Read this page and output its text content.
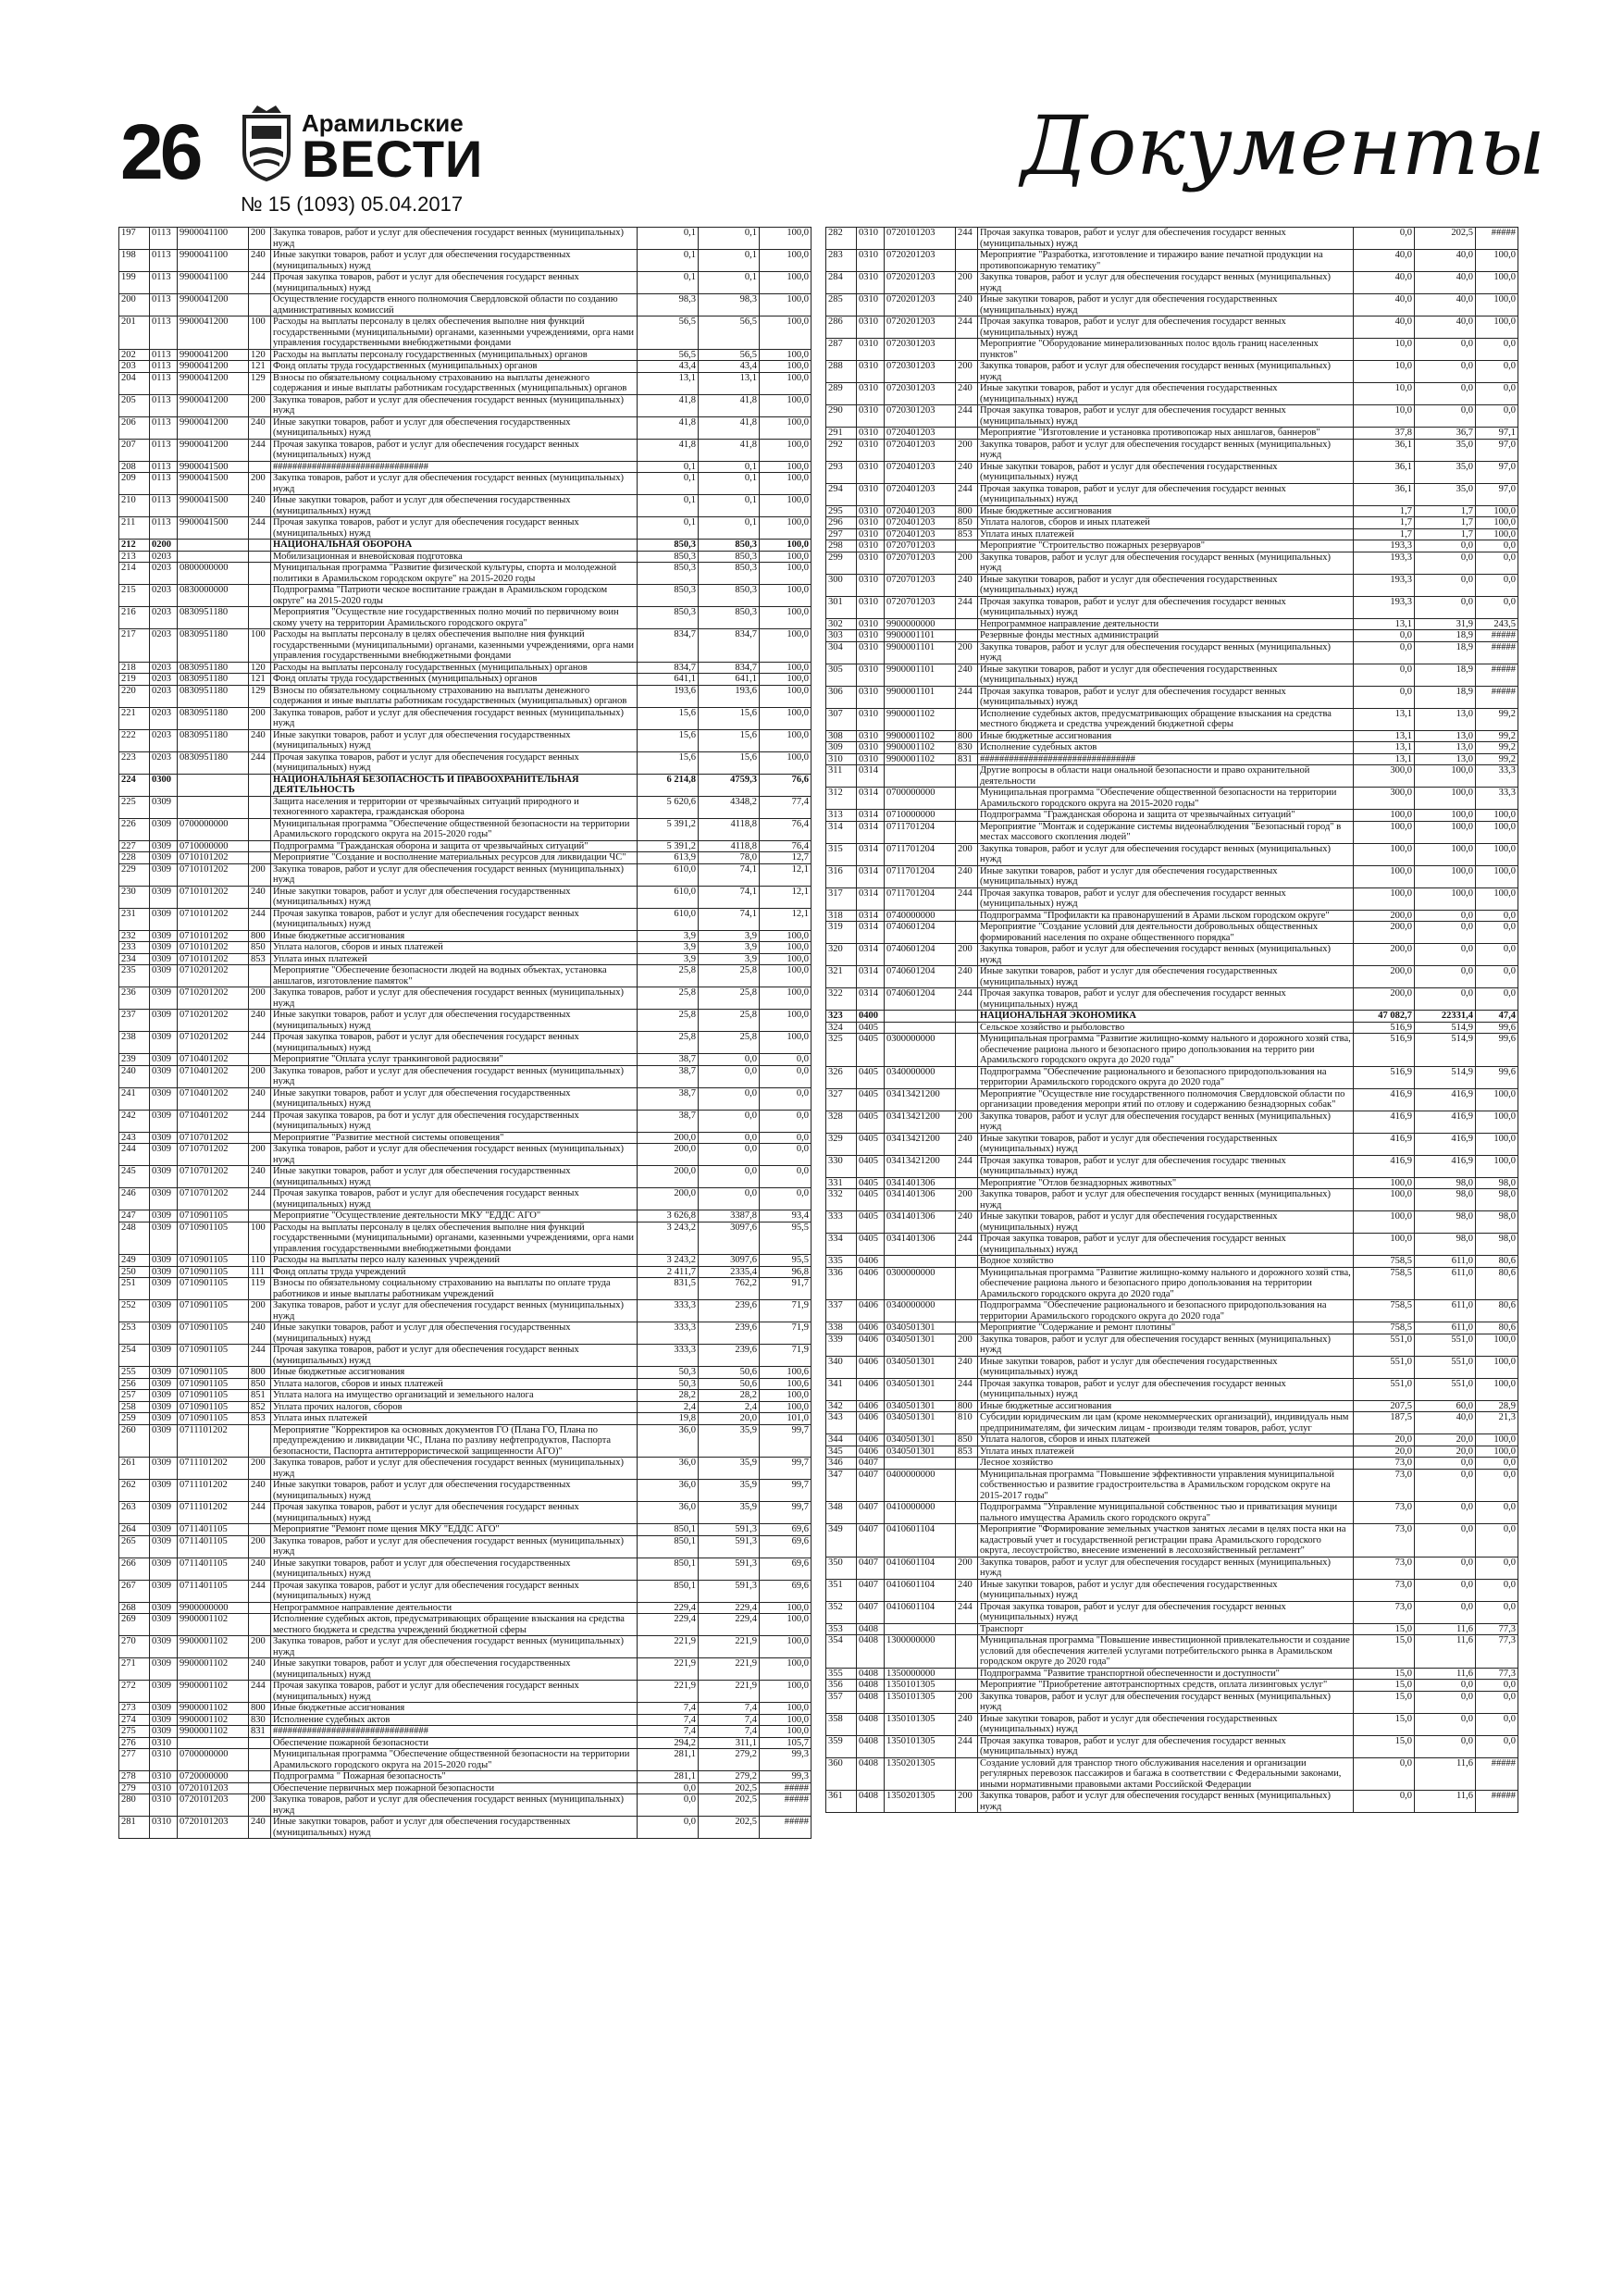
26	Арамильские
ВЕСТИ
№ 15 (1093) 05.04.2017
Документы
197	0113	9900041100	200	Закупка товаров, работ и услуг для обеспечения государст венных (муниципальных) нужд	0,1	0,1	100,0
198	0113	9900041100	240	Иные закупки товаров, работ и услуг для обеспечения государственных (муниципальных) нужд	0,1	0,1	100,0
199	0113	9900041100	244	Прочая закупка товаров, работ и услуг для обеспечения государст венных (муниципальных) нужд	0,1	0,1	100,0
200	0113	9900041200		Осуществление государств енного полномочия Свердловской области по созданию административных комиссий	98,3	98,3	100,0
201	0113	9900041200	100	Расходы на выплаты персоналу в целях обеспечения выполне ния функций государственными (муниципальными) органами, казенными учреждениями, орга нами управления государственными внебюджетными фондами	56,5	56,5	100,0
202	0113	9900041200	120	Расходы на выплаты персоналу государственных (муниципальных) органов	56,5	56,5	100,0
203	0113	9900041200	121	Фонд оплаты труда государственных (муниципальных) органов	43,4	43,4	100,0
204	0113	9900041200	129	Взносы по обязательному социальному страхованию на выплаты денежного содержания и иные выплаты работникам государственных (муниципальных) органов	13,1	13,1	100,0
205	0113	9900041200	200	Закупка товаров, работ и услуг для обеспечения государст венных (муниципальных) нужд	41,8	41,8	100,0
206	0113	9900041200	240	Иные закупки товаров, работ и услуг для обеспечения государственных (муниципальных) нужд	41,8	41,8	100,0
207	0113	9900041200	244	Прочая закупка товаров, работ и услуг для обеспечения государст венных (муниципальных) нужд	41,8	41,8	100,0
208	0113	9900041500		################################	0,1	0,1	100,0
209	0113	9900041500	200	Закупка товаров, работ и услуг для обеспечения государст венных (муниципальных) нужд	0,1	0,1	100,0
210	0113	9900041500	240	Иные закупки товаров, работ и услуг для обеспечения государственных (муниципальных) нужд	0,1	0,1	100,0
211	0113	9900041500	244	Прочая закупка товаров, работ и услуг для обеспечения государст венных (муниципальных) нужд	0,1	0,1	100,0
212	0200			НАЦИОНАЛЬНАЯ ОБОРОНА	850,3	850,3	100,0
213	0203			Мобилизационная и вневойсковая подготовка	850,3	850,3	100,0
214	0203	0800000000		Муниципальная программа "Развитие физической культуры, спорта и молодежной политики в Арамильском городском округе" на 2015-2020 годы	850,3	850,3	100,0
215	0203	0830000000		Подпрограмма "Патриоти ческое воспитание граждан в Арамильском городском округе" на 2015-2020 годы	850,3	850,3	100,0
216	0203	0830951180		Мероприятия "Осуществле ние государственных полно мочий по первичному воин скому учету на территории Арамильского городского округа"	850,3	850,3	100,0
217	0203	0830951180	100	Расходы на выплаты персоналу в целях обеспечения выполне ния функций государственными (муниципальными) органами, казенными учреждениями, орга нами управления государственными внебюджетными фондами	834,7	834,7	100,0
218	0203	0830951180	120	Расходы на выплаты персоналу государственных (муниципальных) органов	834,7	834,7	100,0
219	0203	0830951180	121	Фонд оплаты труда государственных (муниципальных) органов	641,1	641,1	100,0
220	0203	0830951180	129	Взносы по обязательному социальному страхованию на выплаты денежного содержания и иные выплаты работникам государственных (муниципальных) органов	193,6	193,6	100,0
221	0203	0830951180	200	Закупка товаров, работ и услуг для обеспечения государст венных (муниципальных) нужд	15,6	15,6	100,0
222	0203	0830951180	240	Иные закупки товаров, работ и услуг для обеспечения государственных (муниципальных) нужд	15,6	15,6	100,0
223	0203	0830951180	244	Прочая закупка товаров, работ и услуг для обеспечения государст венных (муниципальных) нужд	15,6	15,6	100,0
224	0300			НАЦИОНАЛЬНАЯ БЕЗОПАСНОСТЬ И ПРАВООХРАНИТЕЛЬНАЯ ДЕЯТЕЛЬНОСТЬ	6 214,8	4759,3	76,6
225	0309			Защита населения и территории от чрезвычайных ситуаций природного и техногенного характера, гражданская оборона	5 620,6	4348,2	77,4
226	0309	0700000000		Муниципальная программа "Обеспечение общественной безопасности на территории Арамильского городского округа на 2015-2020 годы"	5 391,2	4118,8	76,4
227	0309	0710000000		Подпрограмма "Гражданская оборона и защита от чрезвычайных ситуаций"	5 391,2	4118,8	76,4
228	0309	0710101202		Мероприятие "Создание и восполнение материальных ресурсов для ликвидации ЧС"	613,9	78,0	12,7
229	0309	0710101202	200	Закупка товаров, работ и услуг для обеспечения государст венных (муниципальных) нужд	610,0	74,1	12,1
230	0309	0710101202	240	Иные закупки товаров, работ и услуг для обеспечения государственных (муниципальных) нужд	610,0	74,1	12,1
231	0309	0710101202	244	Прочая закупка товаров, работ и услуг для обеспечения государст венных (муниципальных) нужд	610,0	74,1	12,1
232	0309	0710101202	800	Иные бюджетные ассигнования	3,9	3,9	100,0
233	0309	0710101202	850	Уплата налогов, сборов и иных платежей	3,9	3,9	100,0
234	0309	0710101202	853	Уплата иных платежей	3,9	3,9	100,0
235	0309	0710201202		Мероприятие "Обеспечение безопасности людей на водных объектах, установка аншлагов, изготовление памяток"	25,8	25,8	100,0
236	0309	0710201202	200	Закупка товаров, работ и услуг для обеспечения государст венных (муниципальных) нужд	25,8	25,8	100,0
237	0309	0710201202	240	Иные закупки товаров, работ и услуг для обеспечения государственных (муниципальных) нужд	25,8	25,8	100,0
238	0309	0710201202	244	Прочая закупка товаров, работ и услуг для обеспечения государст венных (муниципальных) нужд	25,8	25,8	100,0
239	0309	0710401202		Мероприятие "Оплата услуг транкинговой радиосвязи"	38,7	0,0	0,0
240	0309	0710401202	200	Закупка товаров, работ и услуг для обеспечения государст венных (муниципальных) нужд	38,7	0,0	0,0
241	0309	0710401202	240	Иные закупки товаров, работ и услуг для обеспечения государственных (муниципальных) нужд	38,7	0,0	0,0
242	0309	0710401202	244	Прочая закупка товаров, ра бот и услуг для обеспечения государственных (муниципальных) нужд	38,7	0,0	0,0
243	0309	0710701202		Мероприятие "Развитие местной системы оповещения"	200,0	0,0	0,0
244	0309	0710701202	200	Закупка товаров, работ и услуг для обеспечения государст венных (муниципальных) нужд	200,0	0,0	0,0
245	0309	0710701202	240	Иные закупки товаров, работ и услуг для обеспечения государственных (муниципальных) нужд	200,0	0,0	0,0
246	0309	0710701202	244	Прочая закупка товаров, работ и услуг для обеспечения государст венных (муниципальных) нужд	200,0	0,0	0,0
247	0309	0710901105		Мероприятие "Осуществление деятельности МКУ "ЕДДС АГО"	3 626,8	3387,8	93,4
248	0309	0710901105	100	Расходы на выплаты персоналу в целях обеспечения выполне ния функций государственными (муниципальными) органами, казенными учреждениями, орга нами управления государственными внебюджетными фондами	3 243,2	3097,6	95,5
249	0309	0710901105	110	Расходы на выплаты персо налу казенных учреждений	3 243,2	3097,6	95,5
250	0309	0710901105	111	Фонд оплаты труда учреждений	2 411,7	2335,4	96,8
251	0309	0710901105	119	Взносы по обязательному социальному страхованию на выплаты по оплате труда работников и иные выплаты работникам учреждений	831,5	762,2	91,7
252	0309	0710901105	200	Закупка товаров, работ и услуг для обеспечения государст венных (муниципальных) нужд	333,3	239,6	71,9
253	0309	0710901105	240	Иные закупки товаров, работ и услуг для обеспечения государственных (муниципальных) нужд	333,3	239,6	71,9
254	0309	0710901105	244	Прочая закупка товаров, работ и услуг для обеспечения государст венных (муниципальных) нужд	333,3	239,6	71,9
255	0309	0710901105	800	Иные бюджетные ассигнования	50,3	50,6	100,6
256	0309	0710901105	850	Уплата налогов, сборов и иных платежей	50,3	50,6	100,6
257	0309	0710901105	851	Уплата налога на имущество организаций и земельного налога	28,2	28,2	100,0
258	0309	0710901105	852	Уплата прочих налогов, сборов	2,4	2,4	100,0
259	0309	0710901105	853	Уплата иных платежей	19,8	20,0	101,0
260	0309	0711101202		Мероприятие "Корректиров ка основных документов ГО (Плана ГО, Плана по предупреждению и ликвидации ЧС, Плана по разливу нефтепродуктов, Паспорта безопасности, Паспорта антитеррористической защищенности АГО)"	36,0	35,9	99,7
261	0309	0711101202	200	Закупка товаров, работ и услуг для обеспечения государст венных (муниципальных) нужд	36,0	35,9	99,7
262	0309	0711101202	240	Иные закупки товаров, работ и услуг для обеспечения государственных (муниципальных) нужд	36,0	35,9	99,7
263	0309	0711101202	244	Прочая закупка товаров, работ и услуг для обеспечения государст венных (муниципальных) нужд	36,0	35,9	99,7
264	0309	0711401105		Мероприятие "Ремонт поме щения МКУ "ЕДДС АГО"	850,1	591,3	69,6
265	0309	0711401105	200	Закупка товаров, работ и услуг для обеспечения государст венных (муниципальных) нужд	850,1	591,3	69,6
266	0309	0711401105	240	Иные закупки товаров, работ и услуг для обеспечения государственных (муниципальных) нужд	850,1	591,3	69,6
267	0309	0711401105	244	Прочая закупка товаров, работ и услуг для обеспечения государст венных (муниципальных) нужд	850,1	591,3	69,6
268	0309	9900000000		Непрограммное направление деятельности	229,4	229,4	100,0
269	0309	9900001102		Исполнение судебных актов, предусматривающих обращение взыскания на средства местного бюджета и средства учреждений бюджетной сферы	229,4	229,4	100,0
270	0309	9900001102	200	Закупка товаров, работ и услуг для обеспечения государст венных (муниципальных) нужд	221,9	221,9	100,0
271	0309	9900001102	240	Иные закупки товаров, работ и услуг для обеспечения государственных (муниципальных) нужд	221,9	221,9	100,0
272	0309	9900001102	244	Прочая закупка товаров, работ и услуг для обеспечения государст венных (муниципальных) нужд	221,9	221,9	100,0
273	0309	9900001102	800	Иные бюджетные ассигнования	7,4	7,4	100,0
274	0309	9900001102	830	Исполнение судебных актов	7,4	7,4	100,0
275	0309	9900001102	831	################################	7,4	7,4	100,0
276	0310			Обеспечение пожарной безопасности	294,2	311,1	105,7
277	0310	0700000000		Муниципальная программа "Обеспечение общественной безопасности на территории Арамильского городского округа на 2015-2020 годы"	281,1	279,2	99,3
278	0310	0720000000		Подпрограмма " Пожарная безопасность"	281,1	279,2	99,3
279	0310	0720101203		Обеспечение первичных мер пожарной безопасности	0,0	202,5	#####
280	0310	0720101203	200	Закупка товаров, работ и услуг для обеспечения государст венных (муниципальных) нужд	0,0	202,5	#####
281	0310	0720101203	240	Иные закупки товаров, работ и услуг для обеспечения государственных (муниципальных) нужд	0,0	202,5	#####
282	0310	0720101203	244	Прочая закупка товаров, работ и услуг для обеспечения государст венных (муниципальных) нужд	0,0	202,5	#####
283	0310	0720201203		Мероприятие "Разработка, изготовление и тиражиро вание печатной продукции на противопожарную тематику"	40,0	40,0	100,0
284	0310	0720201203	200	Закупка товаров, работ и услуг для обеспечения государст венных (муниципальных) нужд	40,0	40,0	100,0
285	0310	0720201203	240	Иные закупки товаров, работ и услуг для обеспечения государственных (муниципальных) нужд	40,0	40,0	100,0
286	0310	0720201203	244	Прочая закупка товаров, работ и услуг для обеспечения государст венных (муниципальных) нужд	40,0	40,0	100,0
287	0310	0720301203		Мероприятие "Оборудование минерализованных полос вдоль границ населенных пунктов"	10,0	0,0	0,0
288	0310	0720301203	200	Закупка товаров, работ и услуг для обеспечения государст венных (муниципальных) нужд	10,0	0,0	0,0
289	0310	0720301203	240	Иные закупки товаров, работ и услуг для обеспечения государственных (муниципальных) нужд	10,0	0,0	0,0
290	0310	0720301203	244	Прочая закупка товаров, работ и услуг для обеспечения государст венных (муниципальных) нужд	10,0	0,0	0,0
291	0310	0720401203		Мероприятие "Изготовление и установка противопожар ных аншлагов, баннеров"	37,8	36,7	97,1
292	0310	0720401203	200	Закупка товаров, работ и услуг для обеспечения государст венных (муниципальных) нужд	36,1	35,0	97,0
293	0310	0720401203	240	Иные закупки товаров, работ и услуг для обеспечения государственных (муниципальных) нужд	36,1	35,0	97,0
294	0310	0720401203	244	Прочая закупка товаров, работ и услуг для обеспечения государст венных (муниципальных) нужд	36,1	35,0	97,0
295	0310	0720401203	800	Иные бюджетные ассигнования	1,7	1,7	100,0
296	0310	0720401203	850	Уплата налогов, сборов и иных платежей	1,7	1,7	100,0
297	0310	0720401203	853	Уплата иных платежей	1,7	1,7	100,0
298	0310	0720701203		Мероприятие "Строительство пожарных резервуаров"	193,3	0,0	0,0
299	0310	0720701203	200	Закупка товаров, работ и услуг для обеспечения государст венных (муниципальных) нужд	193,3	0,0	0,0
300	0310	0720701203	240	Иные закупки товаров, работ и услуг для обеспечения государственных (муниципальных) нужд	193,3	0,0	0,0
301	0310	0720701203	244	Прочая закупка товаров, работ и услуг для обеспечения государст венных (муниципальных) нужд	193,3	0,0	0,0
302	0310	9900000000		Непрограммное направление деятельности	13,1	31,9	243,5
303	0310	9900001101		Резервные фонды местных администраций	0,0	18,9	#####
304	0310	9900001101	200	Закупка товаров, работ и услуг для обеспечения государст венных (муниципальных) нужд	0,0	18,9	#####
305	0310	9900001101	240	Иные закупки товаров, работ и услуг для обеспечения государственных (муниципальных) нужд	0,0	18,9	#####
306	0310	9900001101	244	Прочая закупка товаров, работ и услуг для обеспечения государст венных (муниципальных) нужд	0,0	18,9	#####
307	0310	9900001102		Исполнение судебных актов, предусматривающих обращение взыскания на средства местного бюджета и средства учреждений бюджетной сферы	13,1	13,0	99,2
308	0310	9900001102	800	Иные бюджетные ассигнования	13,1	13,0	99,2
309	0310	9900001102	830	Исполнение судебных актов	13,1	13,0	99,2
310	0310	9900001102	831	################################	13,1	13,0	99,2
311	0314			Другие вопросы в области наци ональной безопасности и право охранительной деятельности	300,0	100,0	33,3
312	0314	0700000000		Муниципальная программа "Обеспечение общественной безопасности на территории Арамильского городского округа на 2015-2020 годы"	300,0	100,0	33,3
313	0314	0710000000		Подпрограмма "Гражданская оборона и защита от чрезвычайных ситуаций"	100,0	100,0	100,0
314	0314	0711701204		Мероприятие "Монтаж и содержание системы видеонаблюдения "Безопасный город" в местах массового скопления людей"	100,0	100,0	100,0
315	0314	0711701204	200	Закупка товаров, работ и услуг для обеспечения государст венных (муниципальных) нужд	100,0	100,0	100,0
316	0314	0711701204	240	Иные закупки товаров, работ и услуг для обеспечения государственных (муниципальных) нужд	100,0	100,0	100,0
317	0314	0711701204	244	Прочая закупка товаров, работ и услуг для обеспечения государст венных (муниципальных) нужд	100,0	100,0	100,0
318	0314	0740000000		Подпрограмма "Профилакти ка правонарушений в Арами льском городском округе"	200,0	0,0	0,0
319	0314	0740601204		Мероприятие "Создание условий для деятельности добровольных общественных формирований населения по охране общественного порядка"	200,0	0,0	0,0
320	0314	0740601204	200	Закупка товаров, работ и услуг для обеспечения государст венных (муниципальных) нужд	200,0	0,0	0,0
321	0314	0740601204	240	Иные закупки товаров, работ и услуг для обеспечения государственных (муниципальных) нужд	200,0	0,0	0,0
322	0314	0740601204	244	Прочая закупка товаров, работ и услуг для обеспечения государст венных (муниципальных) нужд	200,0	0,0	0,0
323	0400			НАЦИОНАЛЬНАЯ ЭКОНОМИКА	47 082,7	22331,4	47,4
324	0405			Сельское хозяйство и рыболовство	516,9	514,9	99,6
325	0405	0300000000		Муниципальная программа "Развитие жилищно-комму нального и дорожного хозяй ства, обеспечение рациона льного и безопасного приро допользования на террито рии Арамильского городского округа до 2020 года"	516,9	514,9	99,6
326	0405	0340000000		Подпрограмма "Обеспечение рационального и безопасного природопользования на территории Арамильского городского округа до 2020 года"	516,9	514,9	99,6
327	0405	03413421200		Мероприятие "Осуществле ние государственного полномочия Свердловской области по организации проведения меропри ятий по отлову и содержанию безнадзорных собак"	416,9	416,9	100,0
328	0405	03413421200	200	Закупка товаров, работ и услуг для обеспечения государст венных (муниципальных) нужд	416,9	416,9	100,0
329	0405	03413421200	240	Иные закупки товаров, работ и услуг для обеспечения государственных (муниципальных) нужд	416,9	416,9	100,0
330	0405	03413421200	244	Прочая закупка товаров, работ и услуг для обеспечения государс твенных (муниципальных) нужд	416,9	416,9	100,0
331	0405	0341401306		Мероприятие "Отлов безнадзорных животных"	100,0	98,0	98,0
332	0405	0341401306	200	Закупка товаров, работ и услуг для обеспечения государст венных (муниципальных) нужд	100,0	98,0	98,0
333	0405	0341401306	240	Иные закупки товаров, работ и услуг для обеспечения государственных (муниципальных) нужд	100,0	98,0	98,0
334	0405	0341401306	244	Прочая закупка товаров, работ и услуг для обеспечения государст венных (муниципальных) нужд	100,0	98,0	98,0
335	0406			Водное хозяйство	758,5	611,0	80,6
336	0406	0300000000		Муниципальная программа "Развитие жилищно-комму нального и дорожного хозяй ства, обеспечение рациона льного и безопасного приро допользования на территории Арамильского городского округа до 2020 года"	758,5	611,0	80,6
337	0406	0340000000		Подпрограмма "Обеспечение рационального и безопасного природопользования на территории Арамильского городского округа до 2020 года"	758,5	611,0	80,6
338	0406	0340501301		Мероприятие "Содержание и ремонт плотины"	758,5	611,0	80,6
339	0406	0340501301	200	Закупка товаров, работ и услуг для обеспечения государст венных (муниципальных) нужд	551,0	551,0	100,0
340	0406	0340501301	240	Иные закупки товаров, работ и услуг для обеспечения государственных (муниципальных) нужд	551,0	551,0	100,0
341	0406	0340501301	244	Прочая закупка товаров, работ и услуг для обеспечения государст венных (муниципальных) нужд	551,0	551,0	100,0
342	0406	0340501301	800	Иные бюджетные ассигнования	207,5	60,0	28,9
343	0406	0340501301	810	Субсидии юридическим ли цам (кроме некоммерческих организаций), индивидуаль ным предпринимателям, фи зическим лицам - производи телям товаров, работ, услуг	187,5	40,0	21,3
344	0406	0340501301	850	Уплата налогов, сборов и иных платежей	20,0	20,0	100,0
345	0406	0340501301	853	Уплата иных платежей	20,0	20,0	100,0
346	0407			Лесное хозяйство	73,0	0,0	0,0
347	0407	0400000000		Муниципальная программа "Повышение эффективности управления муниципальной собственностью и развитие градостроительства в Арамильском городском округе на 2015-2017 годы"	73,0	0,0	0,0
348	0407	0410000000		Подпрограмма "Управление муниципальной собственнос тью и приватизация муници пального имущества Арамиль ского городского округа"	73,0	0,0	0,0
349	0407	0410601104		Мероприятие "Формирование земельных участков занятых лесами в целях поста нки на кадастровый учет и государственной регистрации права Арамильского городского округа, лесоустройство, внесение изменений в лесохозяйственный регламент"	73,0	0,0	0,0
350	0407	0410601104	200	Закупка товаров, работ и услуг для обеспечения государст венных (муниципальных) нужд	73,0	0,0	0,0
351	0407	0410601104	240	Иные закупки товаров, работ и услуг для обеспечения государственных (муниципальных) нужд	73,0	0,0	0,0
352	0407	0410601104	244	Прочая закупка товаров, работ и услуг для обеспечения государст венных (муниципальных) нужд	73,0	0,0	0,0
353	0408			Транспорт	15,0	11,6	77,3
354	0408	1300000000		Муниципальная программа "Повышение инвестиционной привлекательности и создание условий для обеспечения жителей услугами потребительского рынка в Арамильском городском округе до 2020 года"	15,0	11,6	77,3
355	0408	1350000000		Подпрограмма "Развитие транспортной обеспеченности и доступности"	15,0	11,6	77,3
356	0408	1350101305		Мероприятие "Приобретение автотранспортных средств, оплата лизинговых услуг"	15,0	0,0	0,0
357	0408	1350101305	200	Закупка товаров, работ и услуг для обеспечения государст венных (муниципальных) нужд	15,0	0,0	0,0
358	0408	1350101305	240	Иные закупки товаров, работ и услуг для обеспечения государственных (муниципальных) нужд	15,0	0,0	0,0
359	0408	1350101305	244	Прочая закупка товаров, работ и услуг для обеспечения государст венных (муниципальных) нужд	15,0	0,0	0,0
360	0408	1350201305		Создание условий для транспор тного обслуживания населения и организации регулярных перевозок пассажиров и багажа в соответствии с Федеральными законами, иными нормативными правовыми актами Российской Федерации	0,0	11,6	#####
361	0408	1350201305	200	Закупка товаров, работ и услуг для обеспечения государст венных (муниципальных) нужд	0,0	11,6	#####
